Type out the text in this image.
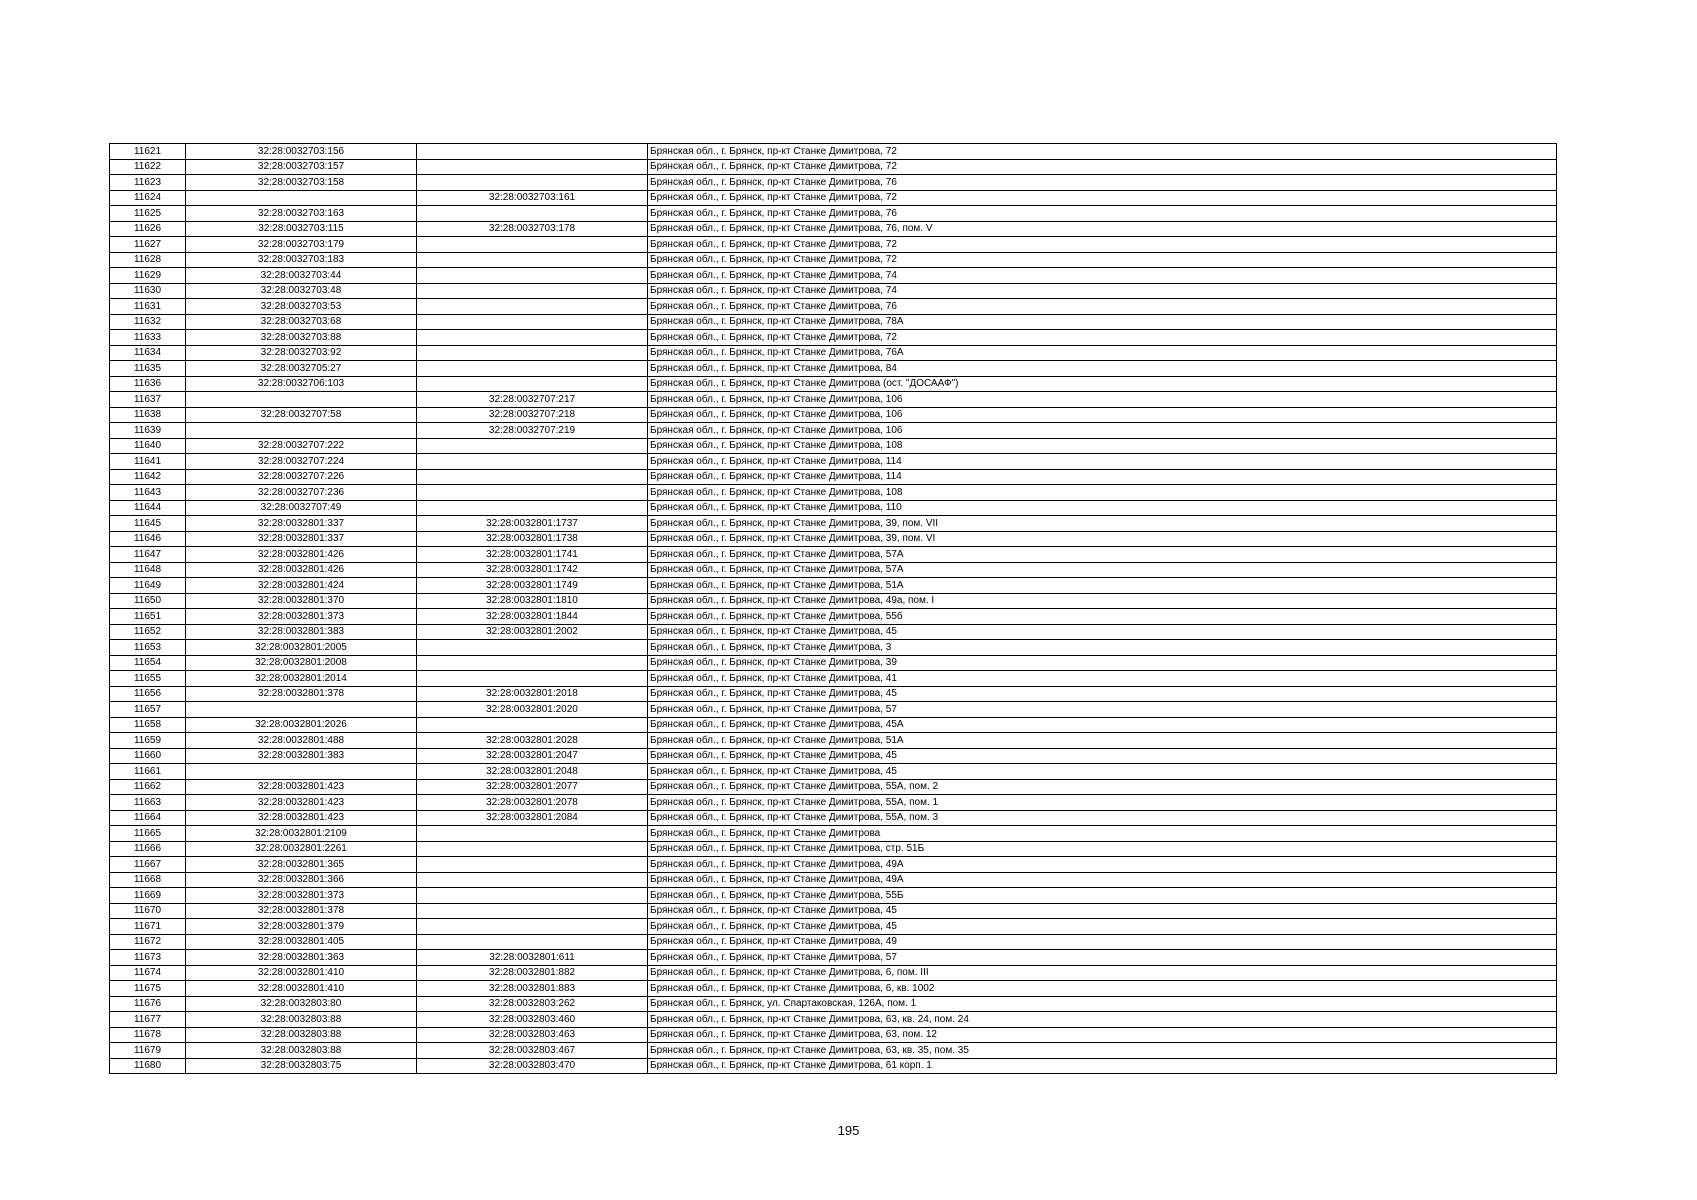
11621	32:28:0032703:156		Брянская обл., г. Брянск, пр-кт Станке Димитрова, 72
11622	32:28:0032703:157		Брянская обл., г. Брянск, пр-кт Станке Димитрова, 72
11623	32:28:0032703:158		Брянская обл., г. Брянск, пр-кт Станке Димитрова, 76
11624		32:28:0032703:161	Брянская обл., г. Брянск, пр-кт Станке Димитрова, 72
11625	32:28:0032703:163		Брянская обл., г. Брянск, пр-кт Станке Димитрова, 76
11626	32:28:0032703:115	32:28:0032703:178	Брянская обл., г. Брянск, пр-кт Станке Димитрова, 76, пом. V
11627	32:28:0032703:179		Брянская обл., г. Брянск, пр-кт Станке Димитрова, 72
11628	32:28:0032703:183		Брянская обл., г. Брянск, пр-кт Станке Димитрова, 72
11629	32:28:0032703:44		Брянская обл., г. Брянск, пр-кт Станке Димитрова, 74
11630	32:28:0032703:48		Брянская обл., г. Брянск, пр-кт Станке Димитрова, 74
11631	32:28:0032703:53		Брянская обл., г. Брянск, пр-кт Станке Димитрова, 76
11632	32:28:0032703:68		Брянская обл., г. Брянск, пр-кт Станке Димитрова, 78А
11633	32:28:0032703:88		Брянская обл., г. Брянск, пр-кт Станке Димитрова, 72
11634	32:28:0032703:92		Брянская обл., г. Брянск, пр-кт Станке Димитрова, 76А
11635	32:28:0032705:27		Брянская обл., г. Брянск, пр-кт Станке Димитрова, 84
11636	32:28:0032706:103		Брянская обл., г. Брянск, пр-кт Станке Димитрова (ост. "ДОСААФ")
11637		32:28:0032707:217	Брянская обл., г. Брянск, пр-кт Станке Димитрова, 106
11638	32:28:0032707:58	32:28:0032707:218	Брянская обл., г. Брянск, пр-кт Станке Димитрова, 106
11639		32:28:0032707:219	Брянская обл., г. Брянск, пр-кт Станке Димитрова, 106
11640	32:28:0032707:222		Брянская обл., г. Брянск, пр-кт Станке Димитрова, 108
11641	32:28:0032707:224		Брянская обл., г. Брянск, пр-кт Станке Димитрова, 114
11642	32:28:0032707:226		Брянская обл., г. Брянск, пр-кт Станке Димитрова, 114
11643	32:28:0032707:236		Брянская обл., г. Брянск, пр-кт Станке Димитрова, 108
11644	32:28:0032707:49		Брянская обл., г. Брянск, пр-кт Станке Димитрова, 110
11645	32:28:0032801:337	32:28:0032801:1737	Брянская обл., г. Брянск, пр-кт Станке Димитрова, 39, пом. VII
11646	32:28:0032801:337	32:28:0032801:1738	Брянская обл., г. Брянск, пр-кт Станке Димитрова, 39, пом. VI
11647	32:28:0032801:426	32:28:0032801:1741	Брянская обл., г. Брянск, пр-кт Станке Димитрова, 57А
11648	32:28:0032801:426	32:28:0032801:1742	Брянская обл., г. Брянск, пр-кт Станке Димитрова, 57А
11649	32:28:0032801:424	32:28:0032801:1749	Брянская обл., г. Брянск, пр-кт Станке Димитрова, 51А
11650	32:28:0032801:370	32:28:0032801:1810	Брянская обл., г. Брянск, пр-кт Станке Димитрова, 49а, пом. I
11651	32:28:0032801:373	32:28:0032801:1844	Брянская обл., г. Брянск, пр-кт Станке Димитрова, 55б
11652	32:28:0032801:383	32:28:0032801:2002	Брянская обл., г. Брянск, пр-кт Станке Димитрова, 45
11653	32:28:0032801:2005		Брянская обл., г. Брянск, пр-кт Станке Димитрова, 3
11654	32:28:0032801:2008		Брянская обл., г. Брянск, пр-кт Станке Димитрова, 39
11655	32:28:0032801:2014		Брянская обл., г. Брянск, пр-кт Станке Димитрова, 41
11656	32:28:0032801:378	32:28:0032801:2018	Брянская обл., г. Брянск, пр-кт Станке Димитрова, 45
11657		32:28:0032801:2020	Брянская обл., г. Брянск, пр-кт Станке Димитрова, 57
11658	32:28:0032801:2026		Брянская обл., г. Брянск, пр-кт Станке Димитрова, 45А
11659	32:28:0032801:488	32:28:0032801:2028	Брянская обл., г. Брянск, пр-кт Станке Димитрова, 51А
11660	32:28:0032801:383	32:28:0032801:2047	Брянская обл., г. Брянск, пр-кт Станке Димитрова, 45
11661		32:28:0032801:2048	Брянская обл., г. Брянск, пр-кт Станке Димитрова, 45
11662	32:28:0032801:423	32:28:0032801:2077	Брянская обл., г. Брянск, пр-кт Станке Димитрова, 55А, пом. 2
11663	32:28:0032801:423	32:28:0032801:2078	Брянская обл., г. Брянск, пр-кт Станке Димитрова, 55А, пом. 1
11664	32:28:0032801:423	32:28:0032801:2084	Брянская обл., г. Брянск, пр-кт Станке Димитрова, 55А, пом. 3
11665	32:28:0032801:2109		Брянская обл., г. Брянск, пр-кт Станке Димитрова
11666	32:28:0032801:2261		Брянская обл., г. Брянск, пр-кт Станке Димитрова, стр. 51Б
11667	32:28:0032801:365		Брянская обл., г. Брянск, пр-кт Станке Димитрова, 49А
11668	32:28:0032801:366		Брянская обл., г. Брянск, пр-кт Станке Димитрова, 49А
11669	32:28:0032801:373		Брянская обл., г. Брянск, пр-кт Станке Димитрова, 55Б
11670	32:28:0032801:378		Брянская обл., г. Брянск, пр-кт Станке Димитрова, 45
11671	32:28:0032801:379		Брянская обл., г. Брянск, пр-кт Станке Димитрова, 45
11672	32:28:0032801:405		Брянская обл., г. Брянск, пр-кт Станке Димитрова, 49
11673	32:28:0032801:363	32:28:0032801:611	Брянская обл., г. Брянск, пр-кт Станке Димитрова, 57
11674	32:28:0032801:410	32:28:0032801:882	Брянская обл., г. Брянск, пр-кт Станке Димитрова, 6, пом. III
11675	32:28:0032801:410	32:28:0032801:883	Брянская обл., г. Брянск, пр-кт Станке Димитрова, 6, кв. 1002
11676	32:28:0032803:80	32:28:0032803:262	Брянская обл., г. Брянск, ул. Спартаковская, 126А, пом. 1
11677	32:28:0032803:88	32:28:0032803:460	Брянская обл., г. Брянск, пр-кт Станке Димитрова, 63, кв. 24, пом. 24
11678	32:28:0032803:88	32:28:0032803:463	Брянская обл., г. Брянск, пр-кт Станке Димитрова, 63, пом. 12
11679	32:28:0032803:88	32:28:0032803:467	Брянская обл., г. Брянск, пр-кт Станке Димитрова, 63, кв. 35, пом. 35
11680	32:28:0032803:75	32:28:0032803:470	Брянская обл., г. Брянск, пр-кт Станке Димитрова, 61 корп. 1
195
